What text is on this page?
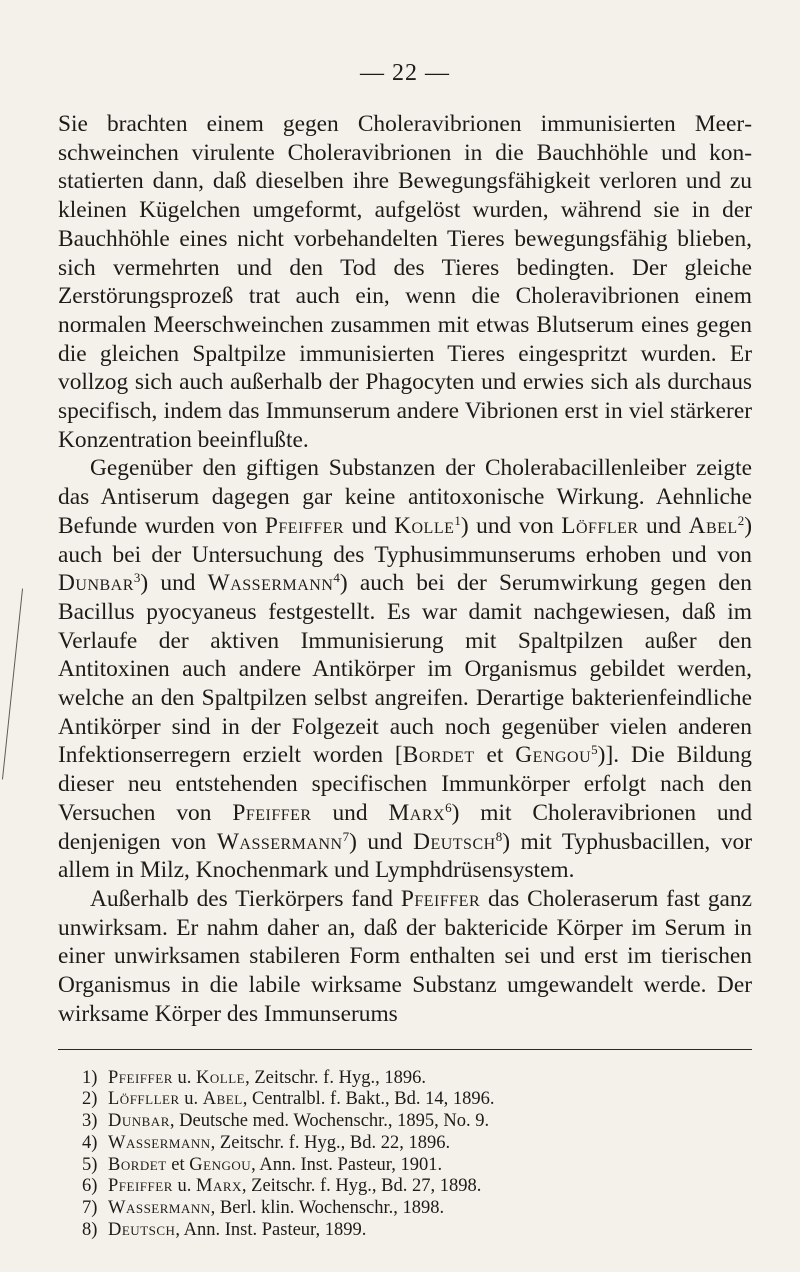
— 22 —

Sie brachten einem gegen Choleravibrionen immunisierten Meerschweinchen virulente Choleravibrionen in die Bauchhöhle und konstatierten dann, daß dieselben ihre Bewegungsfähigkeit verloren und zu kleinen Kügelchen umgeformt, aufgelöst wurden, während sie in der Bauchhöhle eines nicht vorbehandelten Tieres bewegungsfähig blieben, sich vermehrten und den Tod des Tieres bedingten. Der gleiche Zerstörungsprozeß trat auch ein, wenn die Choleravibrionen einem normalen Meerschweinchen zusammen mit etwas Blutserum eines gegen die gleichen Spaltpilze immunisierten Tieres eingespritzt wurden. Er vollzog sich auch außerhalb der Phagocyten und erwies sich als durchaus specifisch, indem das Immunserum andere Vibrionen erst in viel stärkerer Konzentration beeinflußte.

Gegenüber den giftigen Substanzen der Cholerabacillenleiber zeigte das Antiserum dagegen gar keine antitoxonische Wirkung. Aehnliche Befunde wurden von Pfeiffer und Kolle$^1$) und von Löffler und Abel$^2$) auch bei der Untersuchung des Typhusimmunserums erhoben und von Dunbar$^3$) und Wassermann$^4$) auch bei der Serumwirkung gegen den Bacillus pyocyaneus festgestellt. Es war damit nachgewiesen, daß im Verlaufe der aktiven Immunisierung mit Spaltpilzen außer den Antitoxinen auch andere Antikörper im Organismus gebildet werden, welche an den Spaltpilzen selbst angreifen. Derartige bakterienfeindliche Antikörper sind in der Folgezeit auch noch gegenüber vielen anderen Infektionserregern erzielt worden [Bordet et Gengou$^5$)]. Die Bildung dieser neu entstehenden specifischen Immunkörper erfolgt nach den Versuchen von Pfeiffer und Marx$^6$) mit Choleravibrionen und denjenigen von Wassermann$^7$) und Deutsch$^8$) mit Typhusbacillen, vor allem in Milz, Knochenmark und Lymphdrüsensystem.

Außerhalb des Tierkörpers fand Pfeiffer das Choleraserum fast ganz unwirksam. Er nahm daher an, daß der baktericide Körper im Serum in einer unwirksamen stabileren Form enthalten sei und erst im tierischen Organismus in die labile wirksame Substanz umgewandelt werde. Der wirksame Körper des Immunserums

1) Pfeiffer u. Kolle, Zeitschr. f. Hyg., 1896.
2) Löffller u. Abel, Centralbl. f. Bakt., Bd. 14, 1896.
3) Dunbar, Deutsche med. Wochenschr., 1895, No. 9.
4) Wassermann, Zeitschr. f. Hyg., Bd. 22, 1896.
5) Bordet et Gengou, Ann. Inst. Pasteur, 1901.
6) Pfeiffer u. Marx, Zeitschr. f. Hyg., Bd. 27, 1898.
7) Wassermann, Berl. klin. Wochenschr., 1898.
8) Deutsch, Ann. Inst. Pasteur, 1899.
